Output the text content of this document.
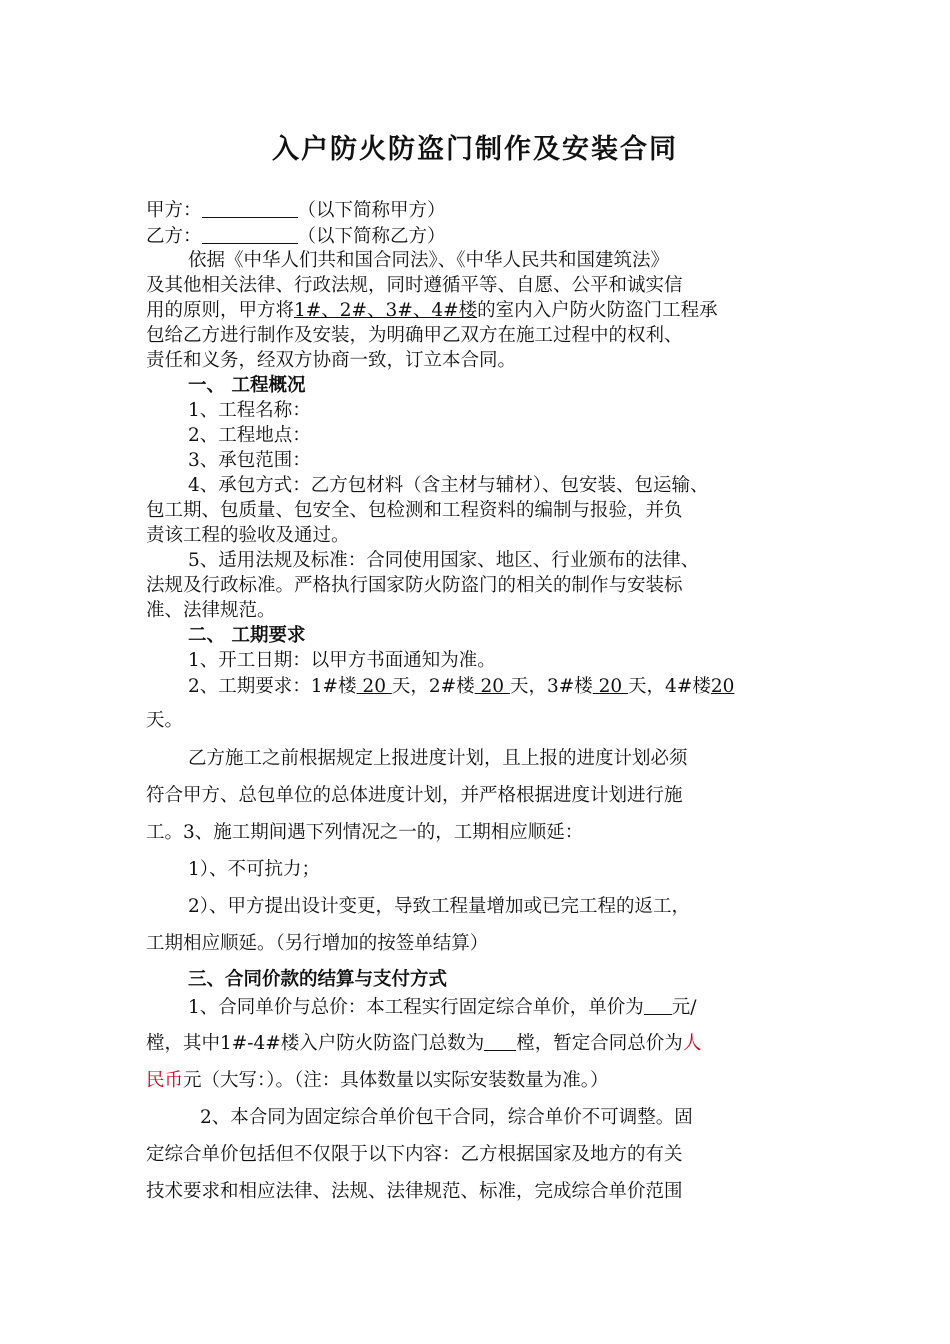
入户防火防盗门制作及安装合同
甲方：	（以下简称甲方）
乙方：	（以下简称乙方）
依据《中华人们共和国合同法》、《中华人民共和国建筑法》
及其他相关法律、行政法规，同时遵循平等、自愿、公平和诚实信
用的原则，甲方将1#、2#、3#、4#楼的室内入户防火防盗门工程承
包给乙方进行制作及安装，为明确甲乙双方在施工过程中的权利、
责任和义务，经双方协商一致，订立本合同。
一、 工程概况
1、工程名称：
2、工程地点：
3、承包范围：
4、承包方式：乙方包材料（含主材与辅材）、包安装、包运输、
包工期、包质量、包安全、包检测和工程资料的编制与报验，并负
责该工程的验收及通过。
5、适用法规及标准：合同使用国家、地区、行业颁布的法律、
法规及行政标准。严格执行国家防火防盗门的相关的制作与安装标
准、法律规范。
二、 工期要求
1、开工日期：以甲方书面通知为准。
2、工期要求：1#楼 20 天，2#楼 20 天，3#楼 20 天，4#楼20
天。
乙方施工之前根据规定上报进度计划，且上报的进度计划必须
符合甲方、总包单位的总体进度计划，并严格根据进度计划进行施
工。3、施工期间遇下列情况之一的，工期相应顺延：
1）、不可抗力；
2）、甲方提出设计变更，导致工程量增加或已完工程的返工，
工期相应顺延。（另行增加的按签单结算）
三、合同价款的结算与支付方式
1、合同单价与总价：本工程实行固定综合单价，单价为 元/
樘，其中1#-4#楼入户防火防盗门总数为 樘，暂定合同总价为人
民币元（大写：）。（注：具体数量以实际安装数量为准。）
2、本合同为固定综合单价包干合同，综合单价不可调整。固
定综合单价包括但不仅限于以下内容：乙方根据国家及地方的有关
技术要求和相应法律、法规、法律规范、标准，完成综合单价范围
